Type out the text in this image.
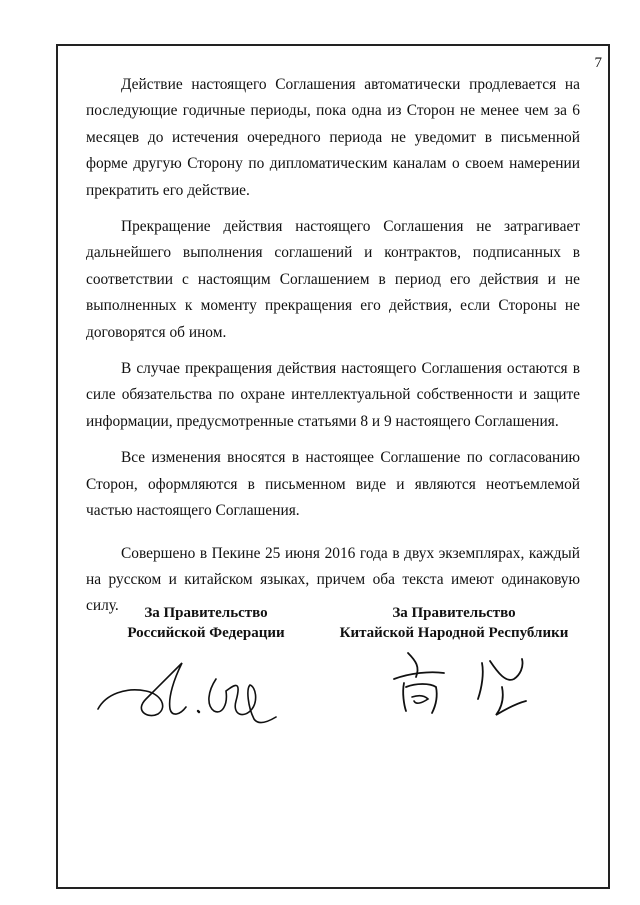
7

Действие настоящего Соглашения автоматически продлевается на последующие годичные периоды, пока одна из Сторон не менее чем за 6 месяцев до истечения очередного периода не уведомит в письменной форме другую Сторону по дипломатическим каналам о своем намерении прекратить его действие.

Прекращение действия настоящего Соглашения не затрагивает дальнейшего выполнения соглашений и контрактов, подписанных в соответствии с настоящим Соглашением в период его действия и не выполненных к моменту прекращения его действия, если Стороны не договорятся об ином.

В случае прекращения действия настоящего Соглашения остаются в силе обязательства по охране интеллектуальной собственности и защите информации, предусмотренные статьями 8 и 9 настоящего Соглашения.

Все изменения вносятся в настоящее Соглашение по согласованию Сторон, оформляются в письменном виде и являются неотъемлемой частью настоящего Соглашения.

Совершено в Пекине 25 июня 2016 года в двух экземплярах, каждый на русском и китайском языках, причем оба текста имеют одинаковую силу.	За Правительство
Российской Федерации
За Правительство
Китайской Народной Республики
